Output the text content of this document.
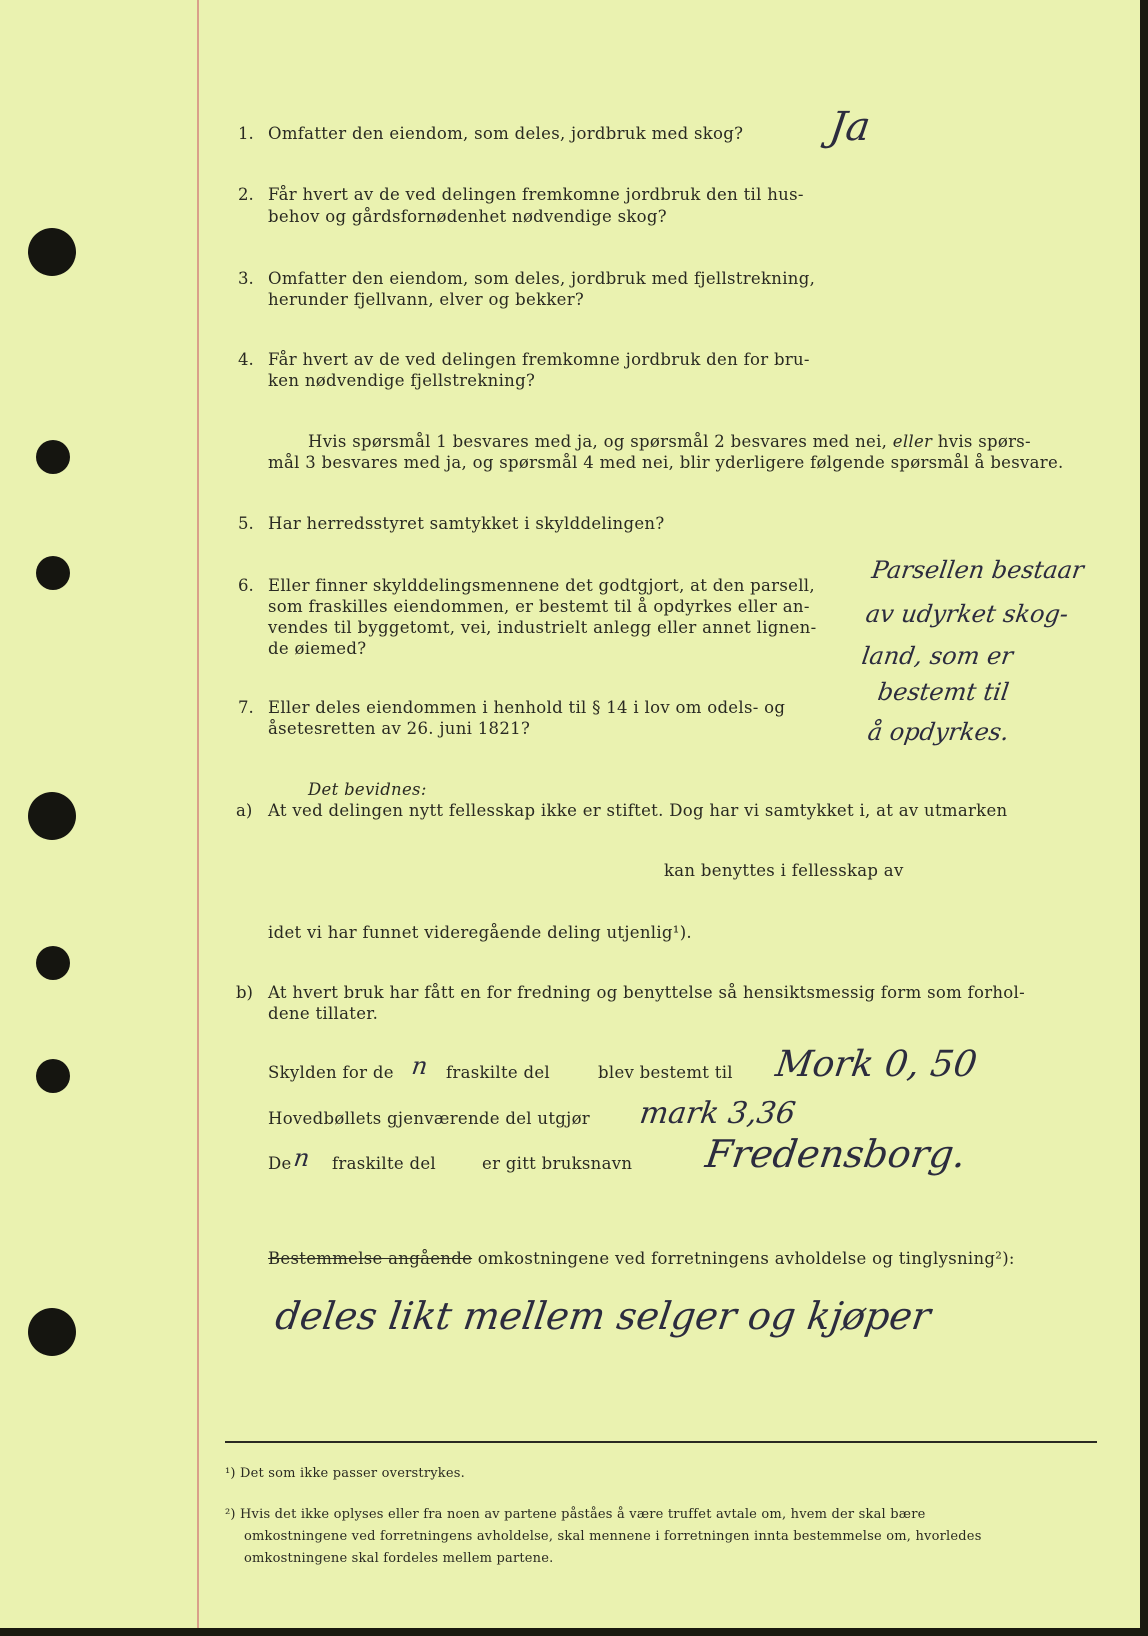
1. Omfatter den eiendom, som deles, jordbruk med skog?
2. Får hvert av de ved delingen fremkomne jordbruk den til hus-
behov og gårdsfornødenhet nødvendige skog?
3. Omfatter den eiendom, som deles, jordbruk med fjellstrekning,
herunder fjellvann, elver og bekker?
4. Får hvert av de ved delingen fremkomne jordbruk den for bru-
ken nødvendige fjellstrekning?
Hvis spørsmål 1 besvares med ja, og spørsmål 2 besvares med nei, eller hvis spørs-
mål 3 besvares med ja, og spørsmål 4 med nei, blir yderligere følgende spørsmål å besvare.
5. Har herredsstyret samtykket i skylddelingen?
6. Eller finner skylddelingsmennene det godtgjort, at den parsell,
som fraskilles eiendommen, er bestemt til å opdyrkes eller an-
vendes til byggetomt, vei, industrielt anlegg eller annet lignen-
de øiemed?
7. Eller deles eiendommen i henhold til § 14 i lov om odels- og
åsetesretten av 26. juni 1821?
Ja
Parsellen bestaar
av udyrket skog-
land, som er
bestemt til
å opdyrkes.
Det bevidnes:
a) At ved delingen nytt fellesskap ikke er stiftet. Dog har vi samtykket i, at av utmarken
kan benyttes i fellesskap av
idet vi har funnet videregående deling utjenlig¹).
b) At hvert bruk har fått en for fredning og benyttelse så hensiktsmessig form som forhol-
dene tillater.
Skylden for de n fraskilte del	blev bestemt til Mork 0, 50
Hovedbøllets gjenværende del utgjør mark 3,36
De n fraskilte del	er gitt bruksnavn Fredensborg.
Bestemmelse angående omkostningene ved forretningens avholdelse og tinglysning²):
deles likt mellem selger og kjøper
¹) Det som ikke passer overstrykes.
²) Hvis det ikke oplyses eller fra noen av partene påståes å være truffet avtale om, hvem der skal bære
omkostningene ved forretningens avholdelse, skal mennene i forretningen innta bestemmelse om, hvorledes
omkostningene skal fordeles mellem partene.
